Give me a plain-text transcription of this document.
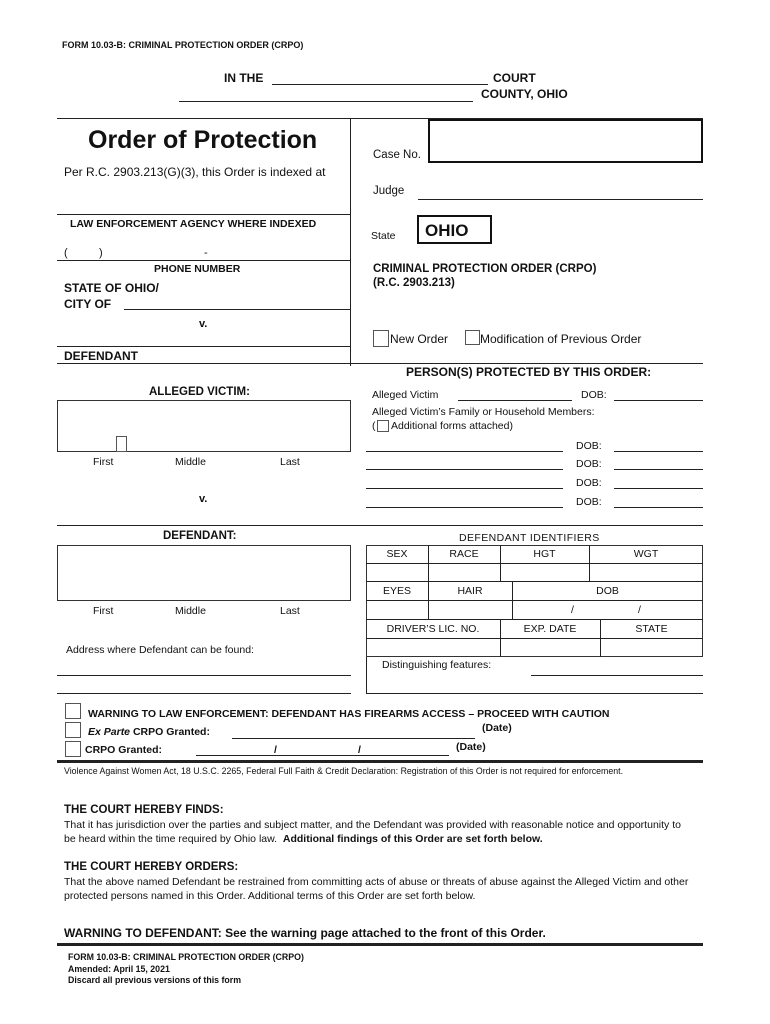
FORM 10.03-B: CRIMINAL PROTECTION ORDER (CRPO)
IN THE	COURT
COUNTY, OHIO
Order of Protection
Per R.C. 2903.213(G)(3), this Order is indexed at
LAW ENFORCEMENT AGENCY WHERE INDEXED
(	)	-
PHONE NUMBER
STATE OF OHIO/
CITY OF
v.
DEFENDANT
Case No.
Judge
State OHIO
CRIMINAL PROTECTION ORDER (CRPO)
(R.C. 2903.213)
New Order	Modification of Previous Order
PERSON(S) PROTECTED BY THIS ORDER:
Alleged Victim	DOB:
Alleged Victim’s Family or Household Members:
( Additional forms attached)
DOB:
DOB:
DOB:
DOB:
ALLEGED VICTIM:
First	Middle	Last
v.
DEFENDANT:
First	Middle	Last
Address where Defendant can be found:
DEFENDANT IDENTIFIERS
SEX	RACE	HGT	WGT
EYES	HAIR	DOB
/	/
DRIVER’S LIC. NO.	EXP. DATE	STATE
Distinguishing features:
WARNING TO LAW ENFORCEMENT: DEFENDANT HAS FIREARMS ACCESS – PROCEED WITH CAUTION
Ex Parte CRPO Granted:	(Date)
CRPO Granted:	/	/	(Date)
Violence Against Women Act, 18 U.S.C. 2265, Federal Full Faith & Credit Declaration: Registration of this Order is not required for enforcement.
THE COURT HEREBY FINDS:
That it has jurisdiction over the parties and subject matter, and the Defendant was provided with reasonable notice and opportunity to be heard within the time required by Ohio law. Additional findings of this Order are set forth below.
THE COURT HEREBY ORDERS:
That the above named Defendant be restrained from committing acts of abuse or threats of abuse against the Alleged Victim and other protected persons named in this Order. Additional terms of this Order are set forth below.
WARNING TO DEFENDANT: See the warning page attached to the front of this Order.
FORM 10.03-B: CRIMINAL PROTECTION ORDER (CRPO)
Amended: April 15, 2021
Discard all previous versions of this form
